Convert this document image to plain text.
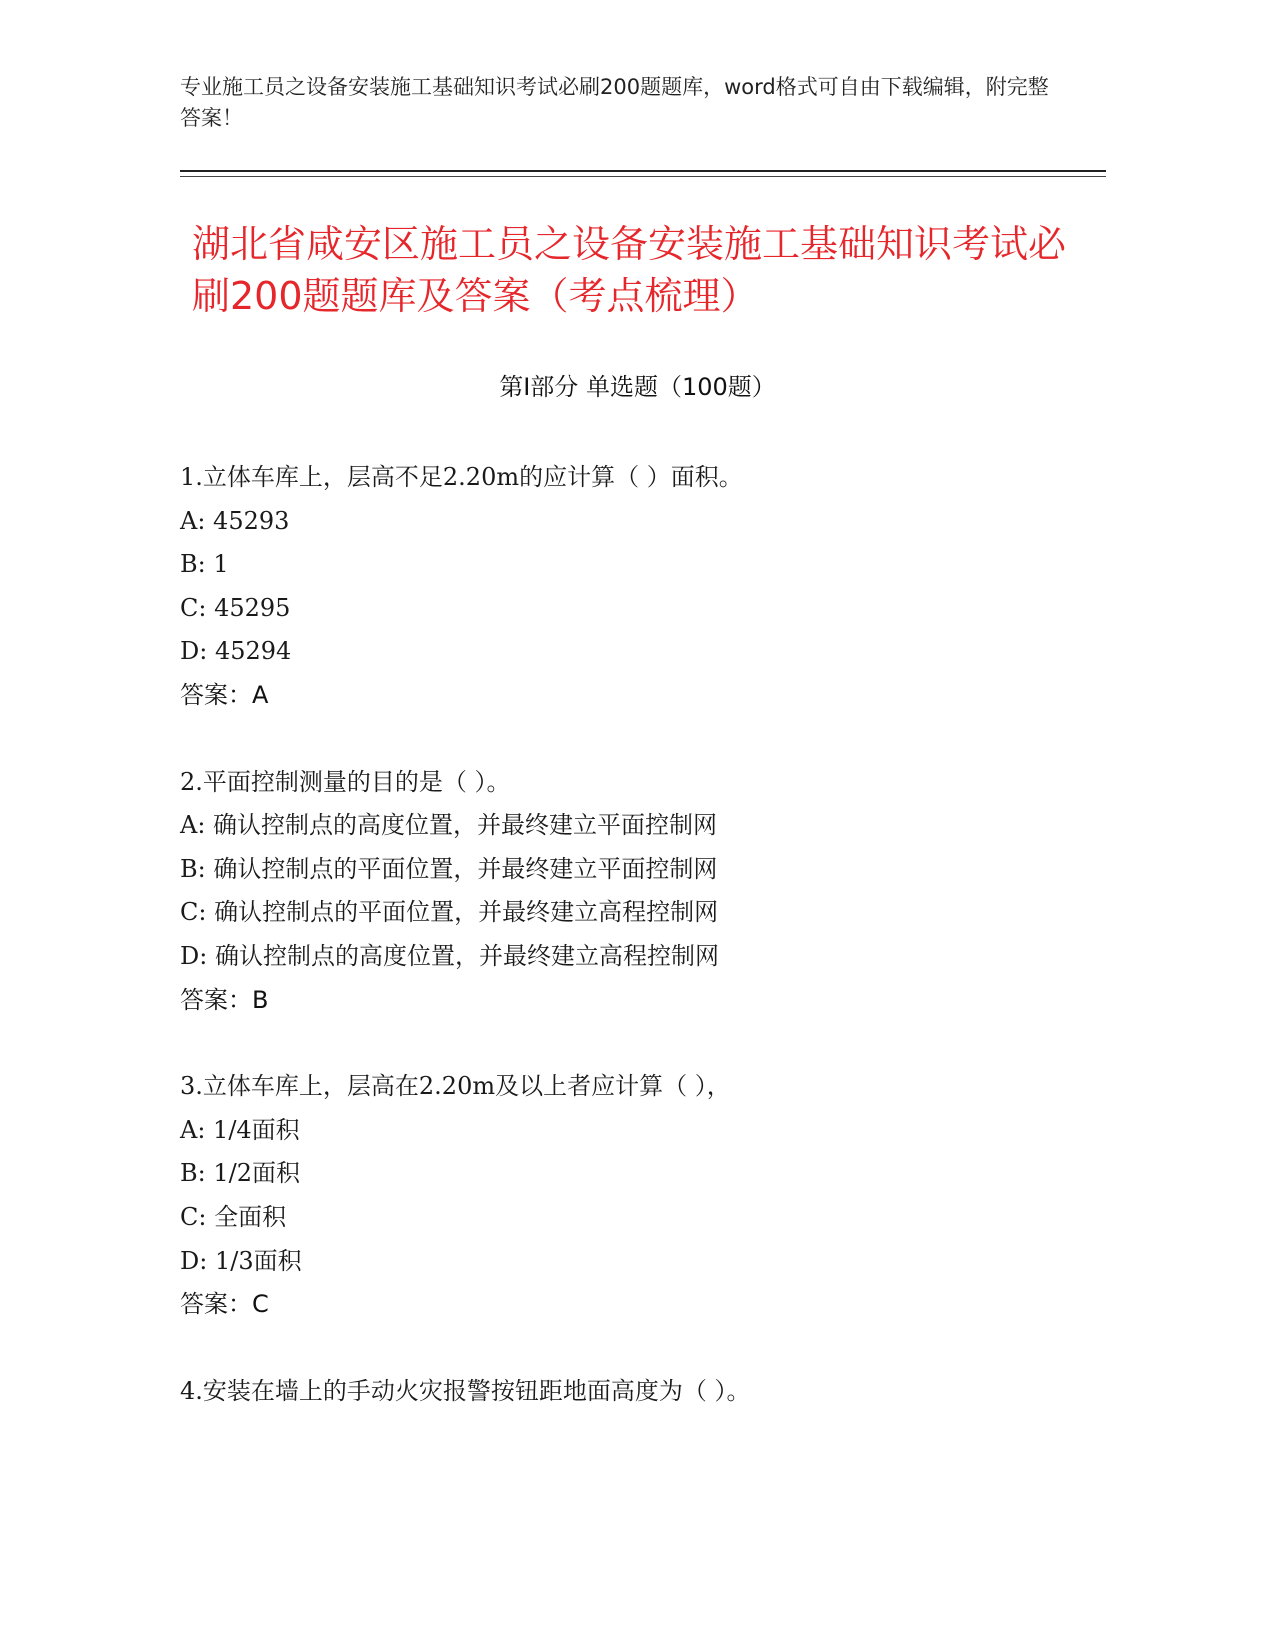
专业施工员之设备安装施工基础知识考试必刷200题题库，word格式可自由下载编辑，附完整答案！
湖北省咸安区施工员之设备安装施工基础知识考试必刷200题题库及答案（考点梳理）
第I部分 单选题（100题）
1.立体车库上，层高不足2.20m的应计算（ ）面积。
A: 45293
B: 1
C: 45295
D: 45294
答案：A
2.平面控制测量的目的是（ ）。
A: 确认控制点的高度位置，并最终建立平面控制网
B: 确认控制点的平面位置，并最终建立平面控制网
C: 确认控制点的平面位置，并最终建立高程控制网
D: 确认控制点的高度位置，并最终建立高程控制网
答案：B
3.立体车库上，层高在2.20m及以上者应计算（ ），
A: 1/4面积
B: 1/2面积
C: 全面积
D: 1/3面积
答案：C
4.安装在墙上的手动火灾报警按钮距地面高度为（ ）。
